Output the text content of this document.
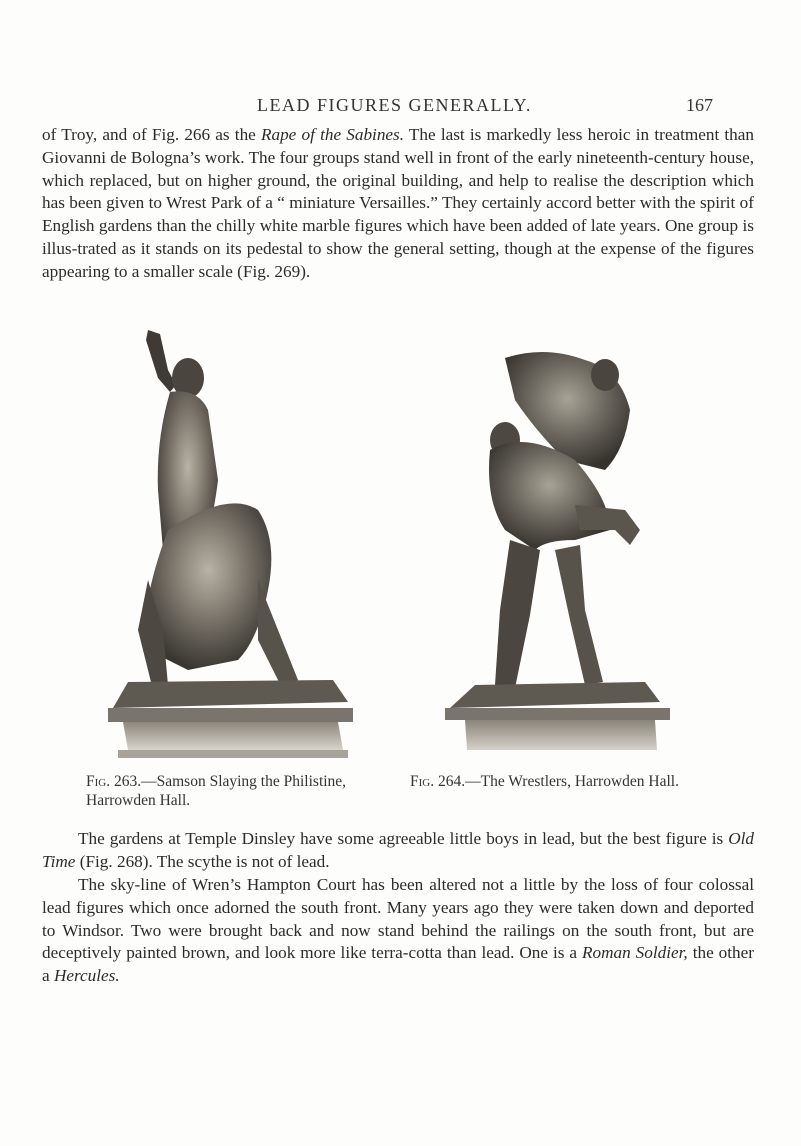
LEAD FIGURES GENERALLY.	167

of Troy, and of Fig. 266 as the Rape of the Sabines. The last is markedly less heroic in treatment than Giovanni de Bologna’s work. The four groups stand well in front of the early nineteenth-century house, which replaced, but on higher ground, the original building, and help to realise the description which has been given to Wrest Park of a “ miniature Versailles.” They certainly accord better with the spirit of English gardens than the chilly white marble figures which have been added of late years. One group is illus-trated as it stands on its pedestal to show the general setting, though at the expense of the figures appearing to a smaller scale (Fig. 269).

Fig. 263.—Samson Slaying the Philistine, Harrowden Hall.
Fig. 264.—The Wrestlers, Harrowden Hall.

The gardens at Temple Dinsley have some agreeable little boys in lead, but the best figure is Old Time (Fig. 268). The scythe is not of lead.

The sky-line of Wren’s Hampton Court has been altered not a little by the loss of four colossal lead figures which once adorned the south front. Many years ago they were taken down and deported to Windsor. Two were brought back and now stand behind the railings on the south front, but are deceptively painted brown, and look more like terra-cotta than lead. One is a Roman Soldier, the other a Hercules.
